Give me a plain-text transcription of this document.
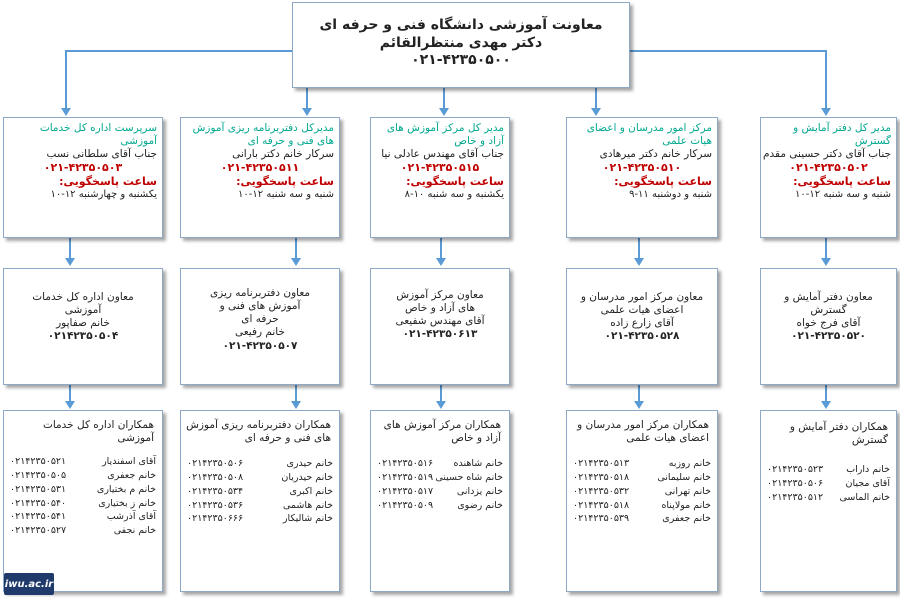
معاونت آموزشی دانشگاه فنی و حرفه ای
دکتر مهدی منتظرالقائم
۰۲۱-۴۲۳۵۰۵۰۰
مدیر کل دفتر آمایش و گسترش
جناب آقای دکتر حسینی مقدم
۰۲۱-۴۲۳۵۰۵۰۲
ساعت پاسخگویی:
شنبه و سه شنبه ۱۲-۱۰
مرکز امور مدرسان و اعضای هیات علمی
سرکار خانم دکتر میرهادی
۰۲۱-۴۲۳۵۰۵۱۰
ساعت پاسخگویی:
شنبه و دوشنبه ۱۱-۹
مدیر کل مرکز آموزش های آزاد و خاص
جناب آقای مهندس عادلی نیا
۰۲۱-۴۲۳۵۰۵۱۵
ساعت پاسخگویی:
یکشنبه و سه شنبه ۱۰-۸
مدیرکل دفتربرنامه ریزی آموزش های فنی و حرفه ای
سرکار خانم دکتر بارانی
۰۲۱-۴۲۳۵۰۵۱۱
ساعت پاسخگویی:
شنبه و سه شنبه ۱۲-۱۰
سرپرست اداره کل خدمات آموزشی
جناب آقای سلطانی نسب
۰۲۱-۴۲۳۵۰۵۰۳
ساعت پاسخگویی:
یکشنبه و چهارشنبه ۱۲-۱۰
معاون دفتر آمایش و
گسترش
آقای فرج خواه
۰۲۱-۴۲۳۵۰۵۲۰
معاون مرکز امور مدرسان و
اعضای هیات علمی
آقای زارع زاده
۰۲۱-۴۲۳۵۰۵۲۸
معاون مرکز آموزش
های آزاد و خاص
آقای مهندس شفیعی
۰۲۱-۴۲۳۵۰۶۱۳
معاون دفتربرنامه ریزی
آموزش های فنی و
حرفه ای
خانم رفیعی
۰۲۱-۴۲۳۵۰۵۰۷
معاون اداره کل خدمات
آموزشی
خانم صفاپور
۰۲۱۴۲۳۵۰۵۰۴
همکاران دفتر آمایش و
گسترش
خانم داراب
۰۲۱۴۲۳۵۰۵۲۳
آقای مجیان
۰۲۱۴۲۳۵۰۵۰۶
خانم الماسی
۰۲۱۴۲۳۵۰۵۱۲
همکاران مرکز امور مدرسان و
اعضای هیات علمی
خانم روزبه
۰۲۱۴۲۳۵۰۵۱۳
خانم سلیمانی
۰۲۱۴۲۳۵۰۵۱۸
خانم تهرانی
۰۲۱۴۲۳۵۰۵۳۲
خانم مولاپناه
۰۲۱۴۲۳۵۰۵۱۸
خانم جعفری
۰۲۱۴۲۳۵۰۵۳۹
همکاران مرکز آموزش های
آزاد و خاص
خانم شاهنده
۰۲۱۴۲۳۵۰۵۱۶
خانم شاه حسینی
۰۲۱۴۲۳۵۰۵۱۹
خانم یزدانی
۰۲۱۴۲۳۵۰۵۱۷
خانم رضوی
۰۲۱۴۲۳۵۰۵۰۹
همکاران دفتربرنامه ریزی آموزش
های فنی و حرفه ای
خانم حیدری
۰۲۱۴۲۳۵۰۵۰۶
خانم حیدریان
۰۲۱۴۲۳۵۰۵۰۸
خانم اکبری
۰۲۱۴۲۳۵۰۵۳۴
خانم هاشمی
۰۲۱۴۲۳۵۰۵۳۶
خانم شالیکار
۰۲۱۴۲۳۵۰۶۶۶
همکاران اداره کل خدمات
آموزشی
آقای اسفندیار
۰۲۱۴۲۳۵۰۵۲۱
خانم جعفری
۰۲۱۴۲۳۵۰۵۰۵
خانم م بختیاری
۰۲۱۴۲۳۵۰۵۳۱
خانم ز بختیاری
۰۲۱۴۲۳۵۰۵۴۰
آقای آذرشب
۰۲۱۴۲۳۵۰۵۴۱
خانم نجفی
۰۲۱۴۲۳۵۰۵۲۷
iwu.ac.ir
